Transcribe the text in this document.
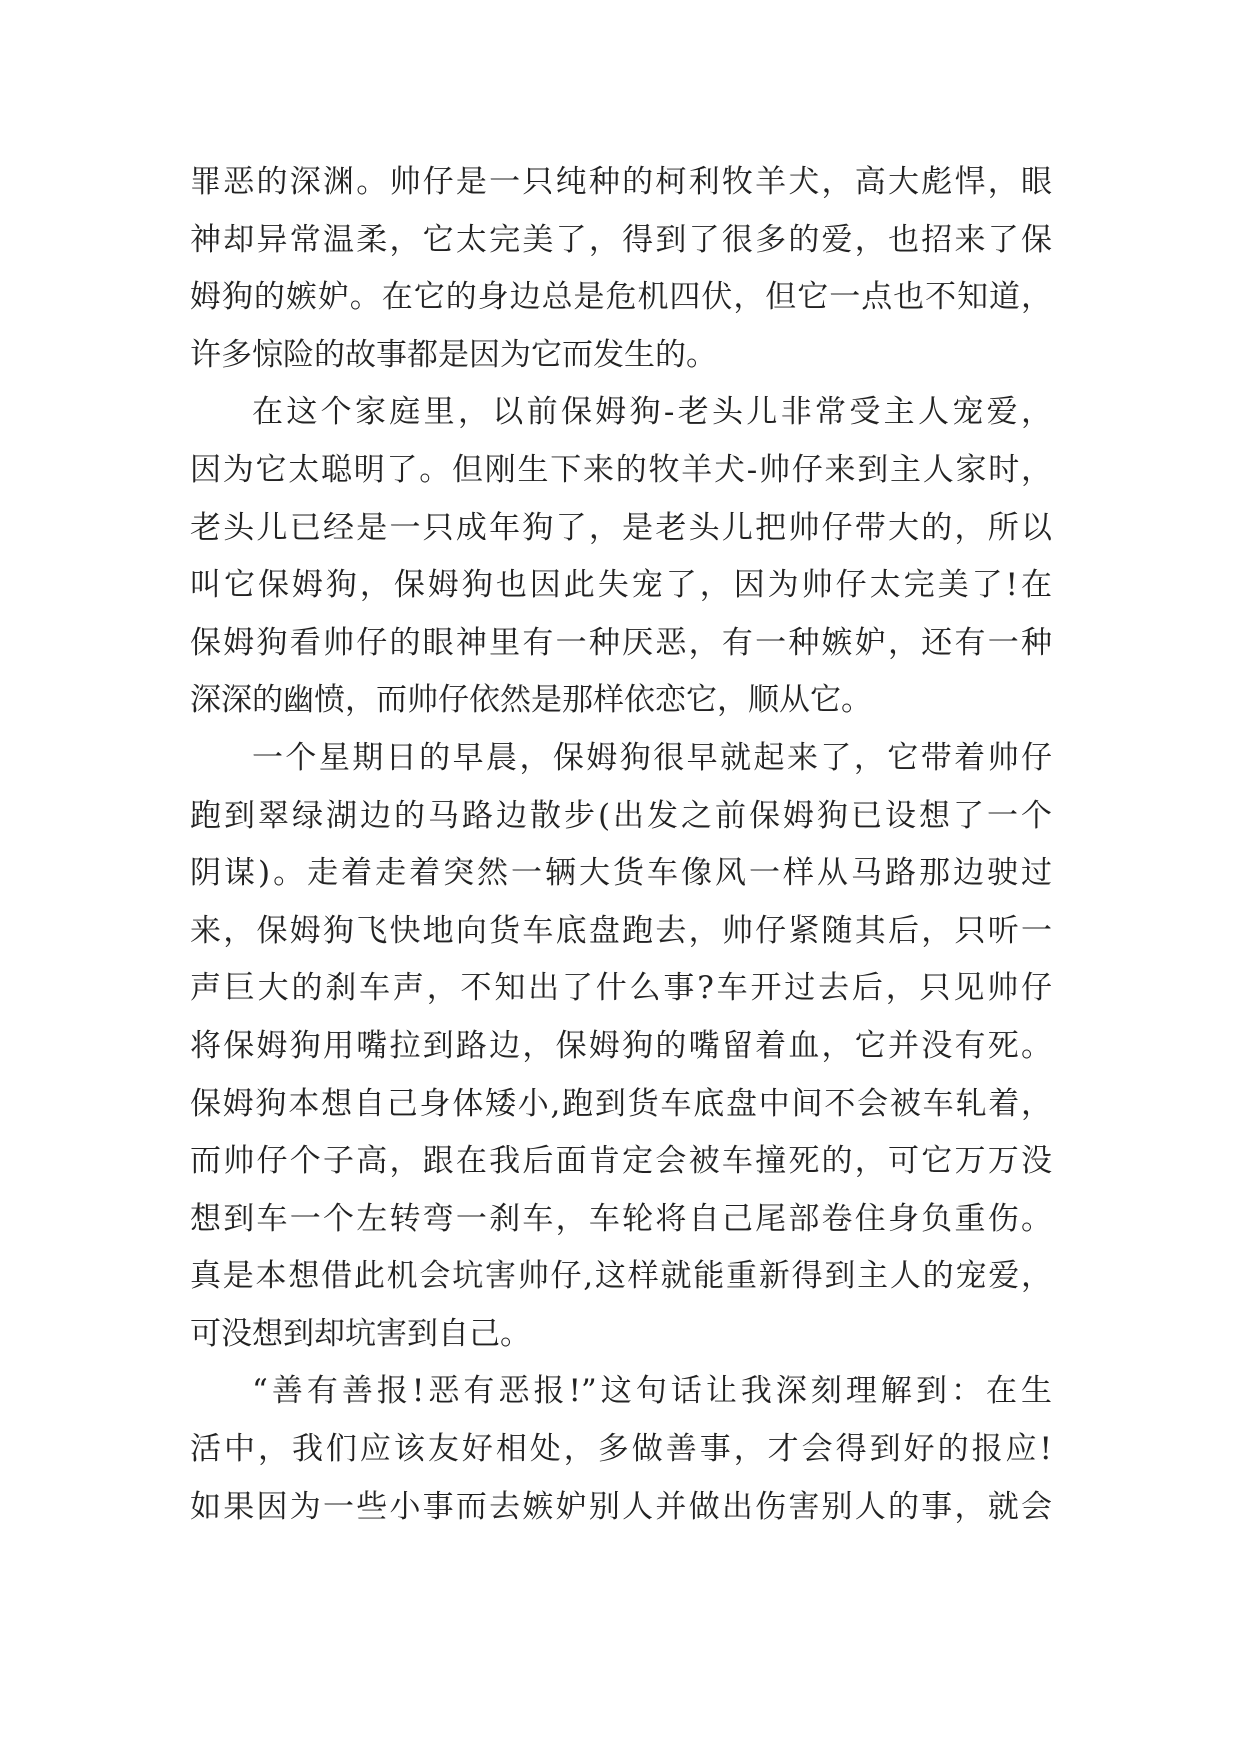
罪恶的深渊。帅仔是一只纯种的柯利牧羊犬，高大彪悍，眼
神却异常温柔，它太完美了，得到了很多的爱，也招来了保
姆狗的嫉妒。在它的身边总是危机四伏，但它一点也不知道，
许多惊险的故事都是因为它而发生的。
在这个家庭里，以前保姆狗-老头儿非常受主人宠爱，
因为它太聪明了。但刚生下来的牧羊犬-帅仔来到主人家时，
老头儿已经是一只成年狗了，是老头儿把帅仔带大的，所以
叫它保姆狗，保姆狗也因此失宠了，因为帅仔太完美了!在
保姆狗看帅仔的眼神里有一种厌恶，有一种嫉妒，还有一种
深深的幽愤，而帅仔依然是那样依恋它，顺从它。
一个星期日的早晨，保姆狗很早就起来了，它带着帅仔
跑到翠绿湖边的马路边散步(出发之前保姆狗已设想了一个
阴谋)。走着走着突然一辆大货车像风一样从马路那边驶过
来，保姆狗飞快地向货车底盘跑去，帅仔紧随其后，只听一
声巨大的刹车声，不知出了什么事?车开过去后，只见帅仔
将保姆狗用嘴拉到路边，保姆狗的嘴留着血，它并没有死。
保姆狗本想自己身体矮小,跑到货车底盘中间不会被车轧着，
而帅仔个子高，跟在我后面肯定会被车撞死的，可它万万没
想到车一个左转弯一刹车，车轮将自己尾部卷住身负重伤。
真是本想借此机会坑害帅仔,这样就能重新得到主人的宠爱，
可没想到却坑害到自己。
“善有善报!恶有恶报!”这句话让我深刻理解到：在生
活中，我们应该友好相处，多做善事，才会得到好的报应!
如果因为一些小事而去嫉妒别人并做出伤害别人的事，就会
